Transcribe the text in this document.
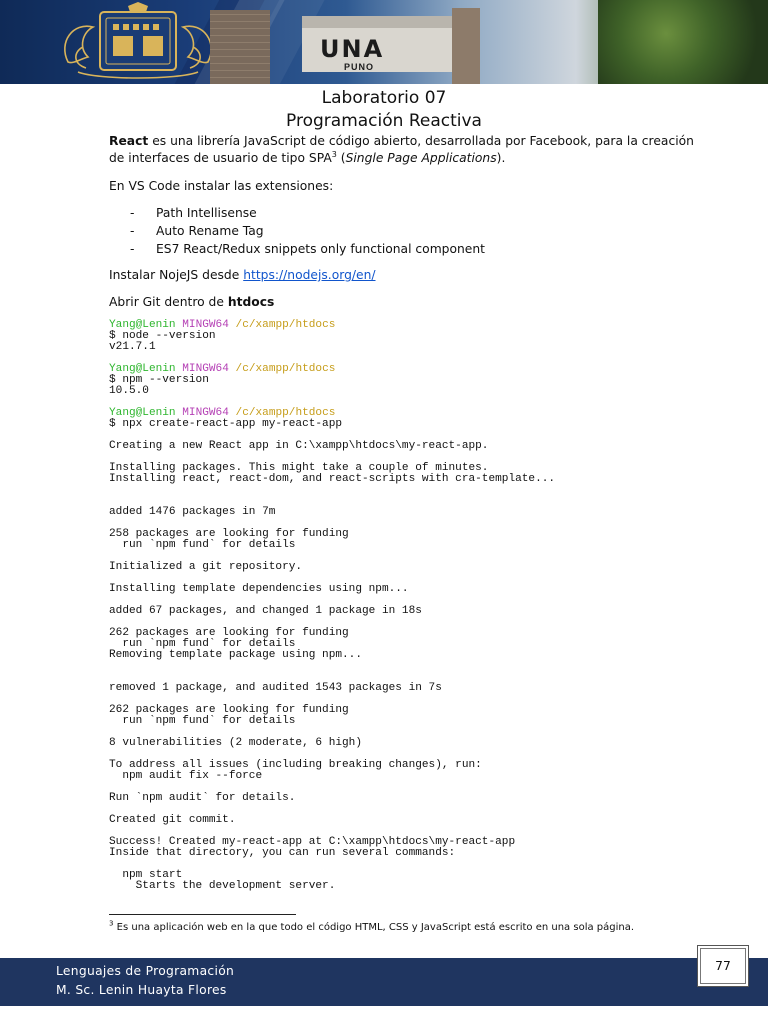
UNA
PUNO
Laboratorio 07
Programación Reactiva
React es una librería JavaScript de código abierto, desarrollada por Facebook, para la creación de interfaces de usuario de tipo SPA$^3$ (Single Page Applications).
En VS Code instalar las extensiones:
- Path Intellisense
- Auto Rename Tag
- ES7 React/Redux snippets only functional component
Instalar NojeJS desde https://nodejs.org/en/
Abrir Git dentro de htdocs
Yang@Lenin MINGW64 /c/xampp/htdocs
$ node --version
v21.7.1
Yang@Lenin MINGW64 /c/xampp/htdocs
$ npm --version
10.5.0
Yang@Lenin MINGW64 /c/xampp/htdocs
$ npx create-react-app my-react-app
Creating a new React app in C:\xampp\htdocs\my-react-app.
Installing packages. This might take a couple of minutes.
Installing react, react-dom, and react-scripts with cra-template...
added 1476 packages in 7m
258 packages are looking for funding
run `npm fund` for details
Initialized a git repository.
Installing template dependencies using npm...
added 67 packages, and changed 1 package in 18s
262 packages are looking for funding
run `npm fund` for details
Removing template package using npm...
removed 1 package, and audited 1543 packages in 7s
262 packages are looking for funding
run `npm fund` for details
8 vulnerabilities (2 moderate, 6 high)
To address all issues (including breaking changes), run:
npm audit fix --force
Run `npm audit` for details.
Created git commit.
Success! Created my-react-app at C:\xampp\htdocs\my-react-app
Inside that directory, you can run several commands:
npm start
Starts the development server.
$^3$ Es una aplicación web en la que todo el código HTML, CSS y JavaScript está escrito en una sola página.
Lenguajes de Programación
M. Sc. Lenin Huayta Flores
77
